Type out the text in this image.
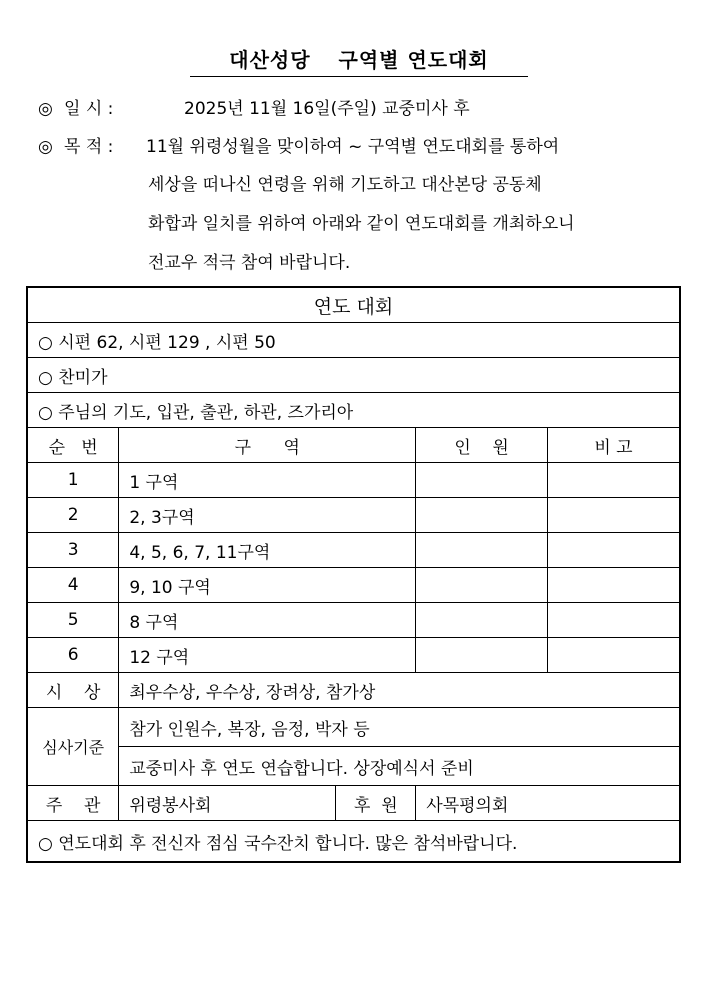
대산성당 구역별 연도대회
◎ 일 시 :	2025년 11월 16일(주일) 교중미사 후
◎ 목 적 : 11월 위령성월을 맞이하여 ~ 구역별 연도대회를 통하여
세상을 떠나신 연령을 위해 기도하고 대산본당 공동체
화합과 일치를 위하여 아래와 같이 연도대회를 개최하오니
전교우 적극 참여 바랍니다.
연도 대회				
○ 시편 62, 시편 129 , 시편 50				
○ 찬미가				
○ 주님의 기도, 입관, 출관, 하관, 즈가리아				
순   번	구      역		인    원	비 고
1	1 구역			
2	2, 3구역			
3	4, 5, 6, 7, 11구역			
4	9, 10 구역			
5	8 구역			
6	12 구역			
시    상	최우수상, 우수상, 장려상, 참가상			
심사기준	참가 인원수, 복장, 음정, 박자 등			
	교중미사 후 연도 연습합니다. 상장예식서 준비			
주    관	위령봉사회	후  원	사목평의회	
○ 연도대회 후 전신자 점심 국수잔치 합니다. 많은 참석바랍니다.				
